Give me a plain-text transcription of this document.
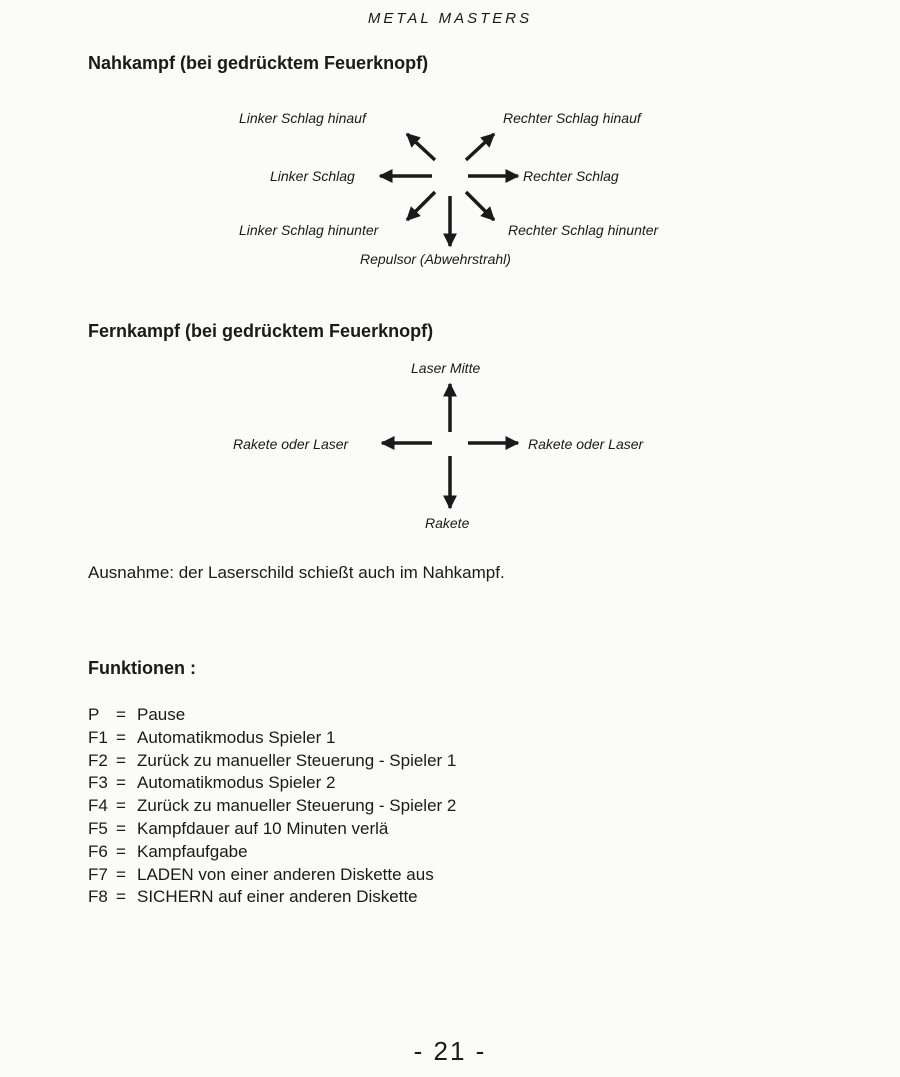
METAL MASTERS
Nahkampf (bei gedrücktem Feuerknopf)
Linker Schlag hinauf	Rechter Schlag hinauf
Linker Schlag	Rechter Schlag
Linker Schlag hinunter	Rechter Schlag hinunter
Repulsor (Abwehrstrahl)
Fernkampf (bei gedrücktem Feuerknopf)
Laser Mitte
Rakete oder Laser	Rakete oder Laser
Rakete
Ausnahme: der Laserschild schießt auch im Nahkampf.
Funktionen :
P = Pause
F1 = Automatikmodus Spieler 1
F2 = Zurück zu manueller Steuerung - Spieler 1
F3 = Automatikmodus Spieler 2
F4 = Zurück zu manueller Steuerung - Spieler 2
F5 = Kampfdauer auf 10 Minuten verlä
F6 = Kampfaufgabe
F7 = LADEN von einer anderen Diskette aus
F8 = SICHERN auf einer anderen Diskette
- 21 -
